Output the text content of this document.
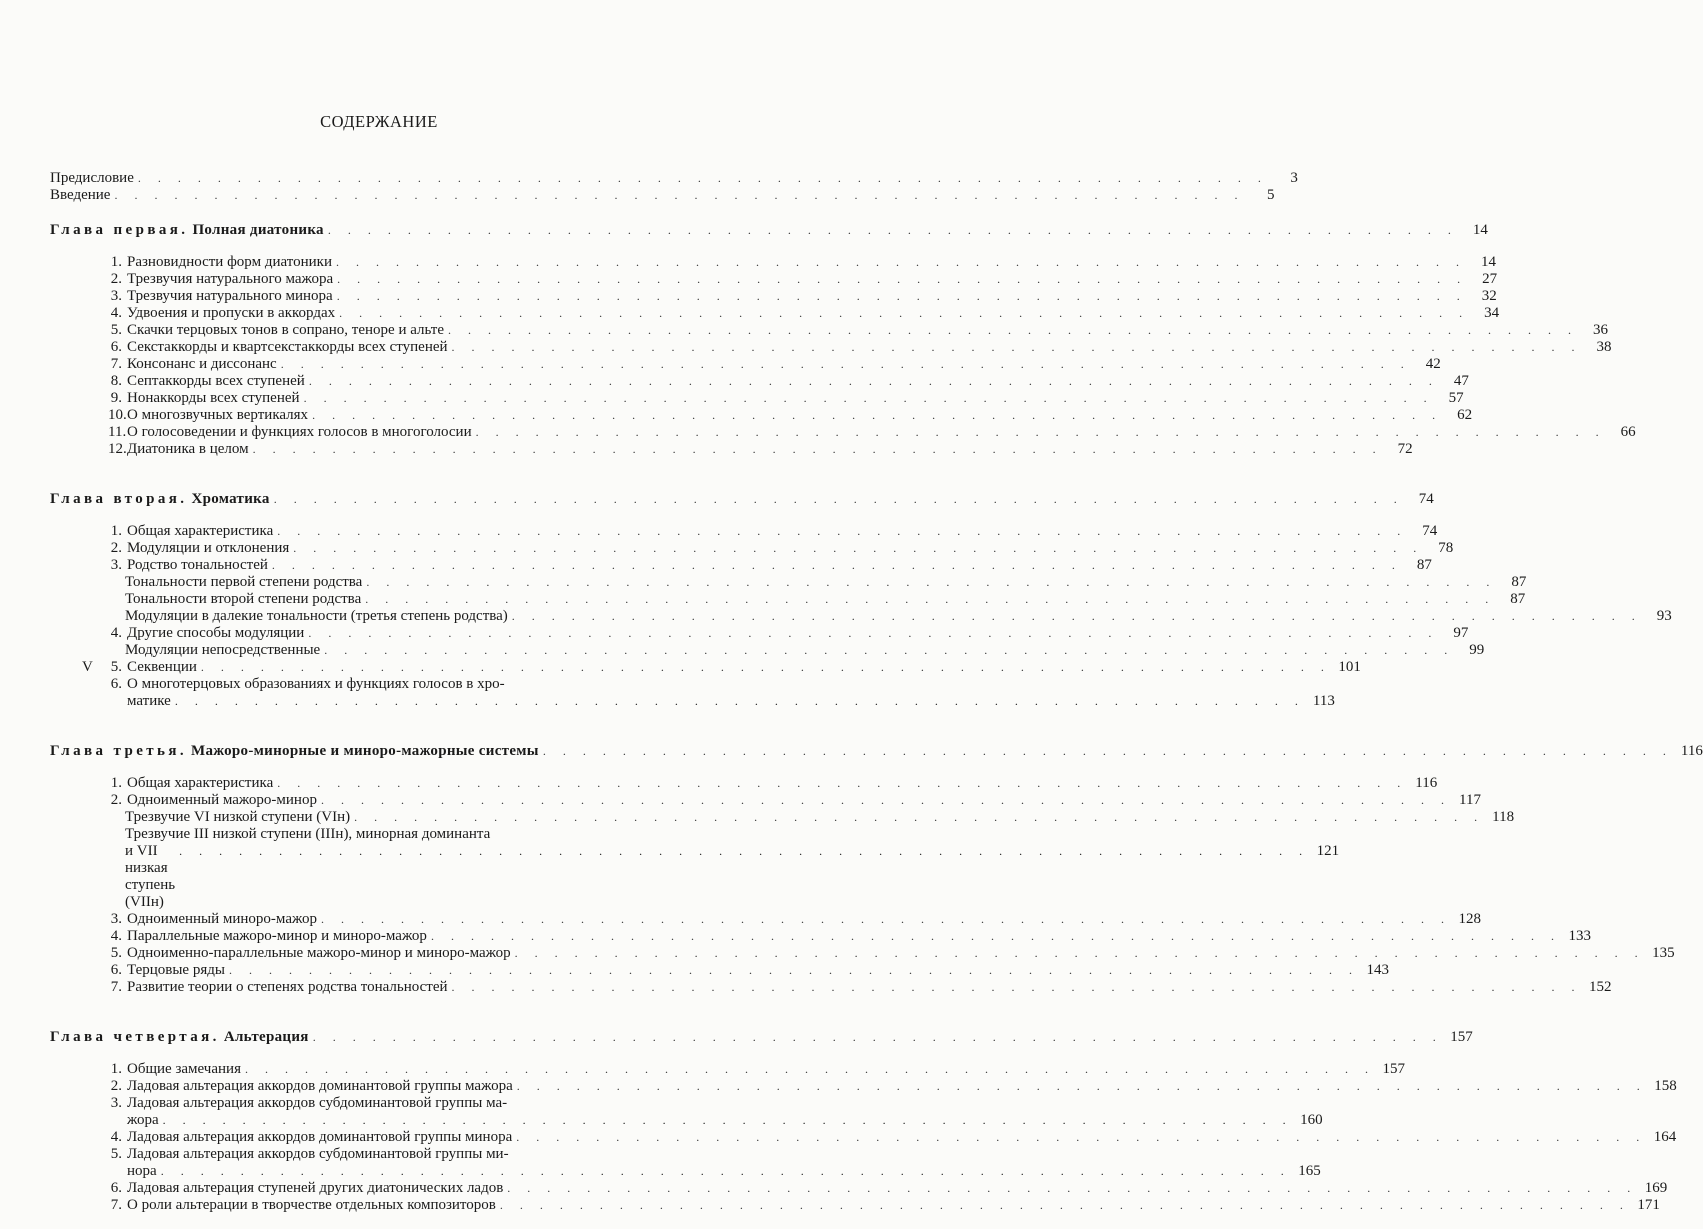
СОДЕРЖАНИЕ
Предисловие . . . . . . . . . . . . . . . . . . . . . . . . . . . . . . . . . . . . . . . . . . . . . . . . . . . . . . . . .	3
Введение . . . . . . . . . . . . . . . . . . . . . . . . . . . . . . . . . . . . . . . . . . . . . . . . . . . . . . . . .	5
Глава первая. Полная диатоника . . . . . . . . . . . . . . . . . . . . . . . . . . . . . . . . . . . . . . . . . . . . . . . . . . . . . . . . .	14
1. Разновидности форм диатоники . . . . . . . . . . . . . . . . . . . . . . . . . . . . . . . . . . . . . . . . . . . . . . . . . . . . . . . . .	14
2. Трезвучия натурального мажора . . . . . . . . . . . . . . . . . . . . . . . . . . . . . . . . . . . . . . . . . . . . . . . . . . . . . . . . .	27
3. Трезвучия натурального минора . . . . . . . . . . . . . . . . . . . . . . . . . . . . . . . . . . . . . . . . . . . . . . . . . . . . . . . . .	32
4. Удвоения и пропуски в аккордах . . . . . . . . . . . . . . . . . . . . . . . . . . . . . . . . . . . . . . . . . . . . . . . . . . . . . . . . .	34
5. Скачки терцовых тонов в сопрано, теноре и альте . . . . . . . . . . . . . . . . . . . . . . . . . . . . . . . . . . . . . . . . . . . . . . . . . . . . . . . . .	36
6. Секстаккорды и квартсекстаккорды всех ступеней . . . . . . . . . . . . . . . . . . . . . . . . . . . . . . . . . . . . . . . . . . . . . . . . . . . . . . . . .	38
7. Консонанс и диссонанс . . . . . . . . . . . . . . . . . . . . . . . . . . . . . . . . . . . . . . . . . . . . . . . . . . . . . . . . .	42
8. Септаккорды всех ступеней . . . . . . . . . . . . . . . . . . . . . . . . . . . . . . . . . . . . . . . . . . . . . . . . . . . . . . . . .	47
9. Нонаккорды всех ступеней . . . . . . . . . . . . . . . . . . . . . . . . . . . . . . . . . . . . . . . . . . . . . . . . . . . . . . . . .	57
10.О многозвучных вертикалях . . . . . . . . . . . . . . . . . . . . . . . . . . . . . . . . . . . . . . . . . . . . . . . . . . . . . . . . .	62
11.О голосоведении и функциях голосов в многоголосии . . . . . . . . . . . . . . . . . . . . . . . . . . . . . . . . . . . . . . . . . . . . . . . . . . . . . . . . .	66
12.Диатоника в целом . . . . . . . . . . . . . . . . . . . . . . . . . . . . . . . . . . . . . . . . . . . . . . . . . . . . . . . . .	72
Глава вторая. Хроматика . . . . . . . . . . . . . . . . . . . . . . . . . . . . . . . . . . . . . . . . . . . . . . . . . . . . . . . . .	74
1. Общая характеристика . . . . . . . . . . . . . . . . . . . . . . . . . . . . . . . . . . . . . . . . . . . . . . . . . . . . . . . . .	74
2. Модуляции и отклонения . . . . . . . . . . . . . . . . . . . . . . . . . . . . . . . . . . . . . . . . . . . . . . . . . . . . . . . . .	78
3. Родство тональностей . . . . . . . . . . . . . . . . . . . . . . . . . . . . . . . . . . . . . . . . . . . . . . . . . . . . . . . . .	87
Тональности первой степени родства . . . . . . . . . . . . . . . . . . . . . . . . . . . . . . . . . . . . . . . . . . . . . . . . . . . . . . . . .	87
Тональности второй степени родства . . . . . . . . . . . . . . . . . . . . . . . . . . . . . . . . . . . . . . . . . . . . . . . . . . . . . . . . .	87
Модуляции в далекие тональности (третья степень родства) . . . . . . . . . . . . . . . . . . . . . . . . . . . . . . . . . . . . . . . . . . . . . . . . . . . . . . . . .	93
4. Другие способы модуляции . . . . . . . . . . . . . . . . . . . . . . . . . . . . . . . . . . . . . . . . . . . . . . . . . . . . . . . . .	97
Модуляции непосредственные . . . . . . . . . . . . . . . . . . . . . . . . . . . . . . . . . . . . . . . . . . . . . . . . . . . . . . . . .	99
V 5. Секвенции . . . . . . . . . . . . . . . . . . . . . . . . . . . . . . . . . . . . . . . . . . . . . . . . . . . . . . . . . 101
6. О многотерцовых образованиях и функциях голосов в хро-
матике . . . . . . . . . . . . . . . . . . . . . . . . . . . . . . . . . . . . . . . . . . . . . . . . . . . . . . . . . 113
Глава третья. Мажоро-минорные и миноро-мажорные системы . . . . . . . . . . . . . . . . . . . . . . . . . . . . . . . . . . . . . . . . . . . . . . . . . . . . . . . . . 116
1. Общая характеристика . . . . . . . . . . . . . . . . . . . . . . . . . . . . . . . . . . . . . . . . . . . . . . . . . . . . . . . . . 116
2. Одноименный мажоро-минор . . . . . . . . . . . . . . . . . . . . . . . . . . . . . . . . . . . . . . . . . . . . . . . . . . . . . . . . . 117
Трезвучие VI низкой ступени (VIн) . . . . . . . . . . . . . . . . . . . . . . . . . . . . . . . . . . . . . . . . . . . . . . . . . . . . . . . . . 118
Трезвучие III низкой ступени (IIIн), минорная доминанта
и VII низкая ступень (VIIн)
. . . . . . . . . . . . . . . . . . . . . . . . . . . . . . . . . . . . . . . . . . . . . . . . . . . . . . . . . 121
3. Одноименный миноро-мажор . . . . . . . . . . . . . . . . . . . . . . . . . . . . . . . . . . . . . . . . . . . . . . . . . . . . . . . . . 128
4. Параллельные мажоро-минор и миноро-мажор . . . . . . . . . . . . . . . . . . . . . . . . . . . . . . . . . . . . . . . . . . . . . . . . . . . . . . . . . 133
5. Одноименно-параллельные мажоро-минор и миноро-мажор . . . . . . . . . . . . . . . . . . . . . . . . . . . . . . . . . . . . . . . . . . . . . . . . . . . . . . . . . 135
6. Терцовые ряды . . . . . . . . . . . . . . . . . . . . . . . . . . . . . . . . . . . . . . . . . . . . . . . . . . . . . . . . . 143
7. Развитие теории о степенях родства тональностей . . . . . . . . . . . . . . . . . . . . . . . . . . . . . . . . . . . . . . . . . . . . . . . . . . . . . . . . . 152
Глава четвертая. Альтерация . . . . . . . . . . . . . . . . . . . . . . . . . . . . . . . . . . . . . . . . . . . . . . . . . . . . . . . . . 157
1. Общие замечания . . . . . . . . . . . . . . . . . . . . . . . . . . . . . . . . . . . . . . . . . . . . . . . . . . . . . . . . . 157
2. Ладовая альтерация аккордов доминантовой группы мажора . . . . . . . . . . . . . . . . . . . . . . . . . . . . . . . . . . . . . . . . . . . . . . . . . . . . . . . . . 158
3. Ладовая альтерация аккордов субдоминантовой группы ма-
жора . . . . . . . . . . . . . . . . . . . . . . . . . . . . . . . . . . . . . . . . . . . . . . . . . . . . . . . . . 160
4. Ладовая альтерация аккордов доминантовой группы минора . . . . . . . . . . . . . . . . . . . . . . . . . . . . . . . . . . . . . . . . . . . . . . . . . . . . . . . . . 164
5. Ладовая альтерация аккордов субдоминантовой группы ми-
нора . . . . . . . . . . . . . . . . . . . . . . . . . . . . . . . . . . . . . . . . . . . . . . . . . . . . . . . . . 165
6. Ладовая альтерация ступеней других диатонических ладов . . . . . . . . . . . . . . . . . . . . . . . . . . . . . . . . . . . . . . . . . . . . . . . . . . . . . . . . . 169
7. О роли альтерации в творчестве отдельных композиторов . . . . . . . . . . . . . . . . . . . . . . . . . . . . . . . . . . . . . . . . . . . . . . . . . . . . . . . . . 171
